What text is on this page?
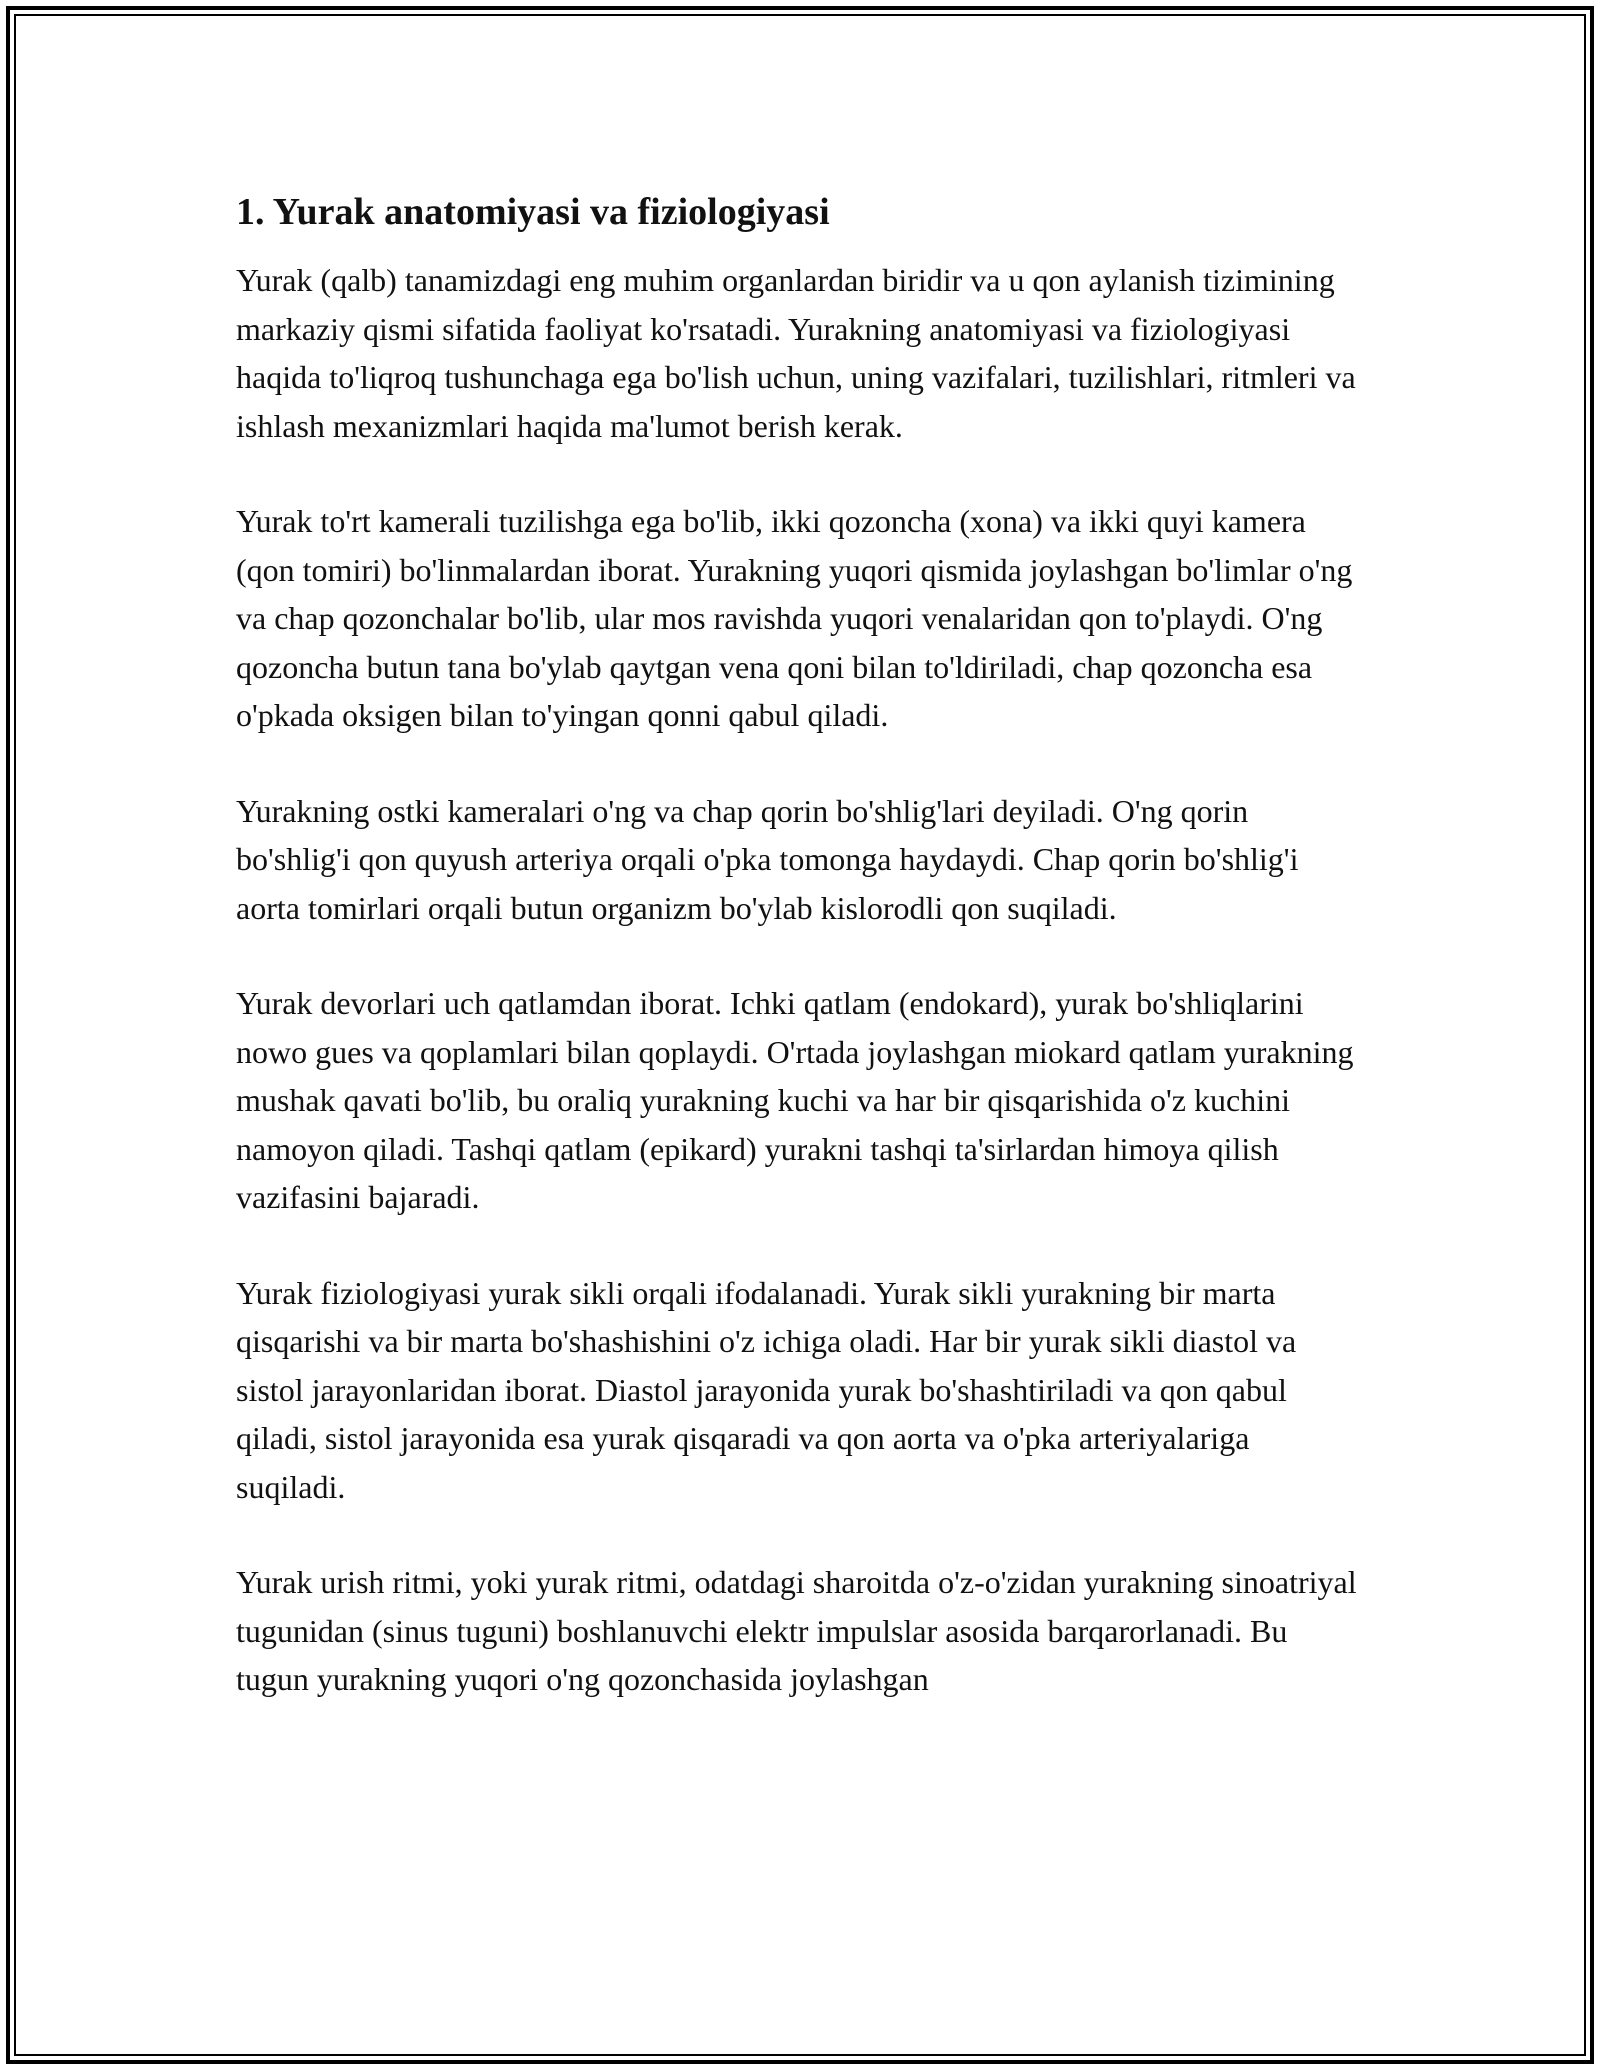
1. Yurak anatomiyasi va fiziologiyasi

Yurak (qalb) tanamizdagi eng muhim organlardan biridir va u qon aylanish tizimining markaziy qismi sifatida faoliyat ko'rsatadi. Yurakning anatomiyasi va fiziologiyasi haqida to'liqroq tushunchaga ega bo'lish uchun, uning vazifalari, tuzilishlari, ritmleri va ishlash mexanizmlari haqida ma'lumot berish kerak.

Yurak to'rt kamerali tuzilishga ega bo'lib, ikki qozoncha (xona) va ikki quyi kamera (qon tomiri) bo'linmalardan iborat. Yurakning yuqori qismida joylashgan bo'limlar o'ng va chap qozonchalar bo'lib, ular mos ravishda yuqori venalaridan qon to'playdi. O'ng qozoncha butun tana bo'ylab qaytgan vena qoni bilan to'ldiriladi, chap qozoncha esa o'pkada oksigen bilan to'yingan qonni qabul qiladi.

Yurakning ostki kameralari o'ng va chap qorin bo'shlig'lari deyiladi. O'ng qorin bo'shlig'i qon quyush arteriya orqali o'pka tomonga haydaydi. Chap qorin bo'shlig'i aorta tomirlari orqali butun organizm bo'ylab kislorodli qon suqiladi.

Yurak devorlari uch qatlamdan iborat. Ichki qatlam (endokard), yurak bo'shliqlarini nowo gues va qoplamlari bilan qoplaydi. O'rtada joylashgan miokard qatlam yurakning mushak qavati bo'lib, bu oraliq yurakning kuchi va har bir qisqarishida o'z kuchini namoyon qiladi. Tashqi qatlam (epikard) yurakni tashqi ta'sirlardan himoya qilish vazifasini bajaradi.

Yurak fiziologiyasi yurak sikli orqali ifodalanadi. Yurak sikli yurakning bir marta qisqarishi va bir marta bo'shashishini o'z ichiga oladi. Har bir yurak sikli diastol va sistol jarayonlaridan iborat. Diastol jarayonida yurak bo'shashtiriladi va qon qabul qiladi, sistol jarayonida esa yurak qisqaradi va qon aorta va o'pka arteriyalariga suqiladi.

Yurak urish ritmi, yoki yurak ritmi, odatdagi sharoitda o'z-o'zidan yurakning sinoatriyal tugunidan (sinus tuguni) boshlanuvchi elektr impulslar asosida barqarorlanadi. Bu tugun yurakning yuqori o'ng qozonchasida joylashgan
